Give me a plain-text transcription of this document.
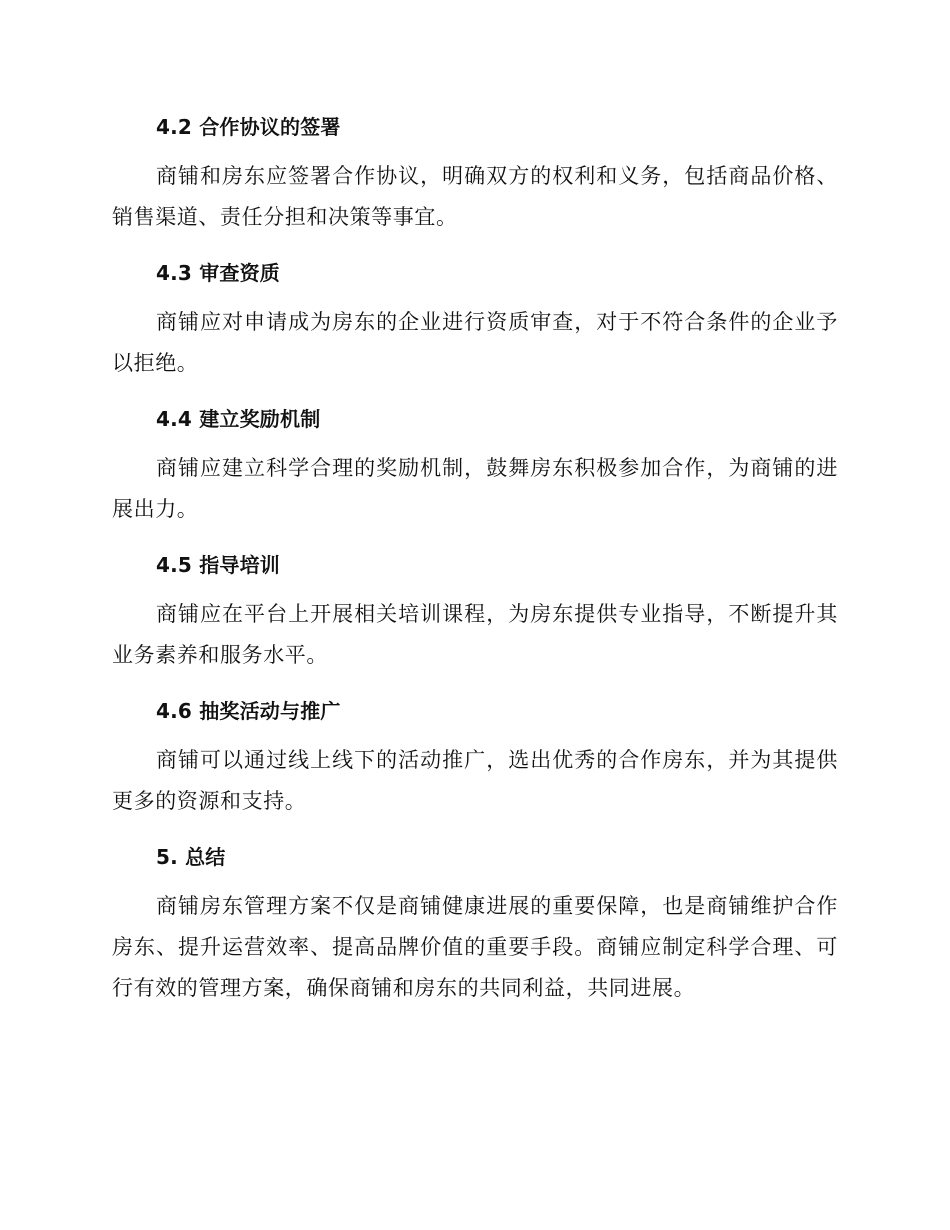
4.2 合作协议的签署

商铺和房东应签署合作协议，明确双方的权利和义务，包括商品价格、销售渠道、责任分担和决策等事宜。

4.3 审查资质

商铺应对申请成为房东的企业进行资质审查，对于不符合条件的企业予以拒绝。

4.4 建立奖励机制

商铺应建立科学合理的奖励机制，鼓舞房东积极参加合作，为商铺的进展出力。

4.5 指导培训

商铺应在平台上开展相关培训课程，为房东提供专业指导，不断提升其业务素养和服务水平。

4.6 抽奖活动与推广

商铺可以通过线上线下的活动推广，选出优秀的合作房东，并为其提供更多的资源和支持。

5. 总结

商铺房东管理方案不仅是商铺健康进展的重要保障，也是商铺维护合作房东、提升运营效率、提高品牌价值的重要手段。商铺应制定科学合理、可行有效的管理方案，确保商铺和房东的共同利益，共同进展。
